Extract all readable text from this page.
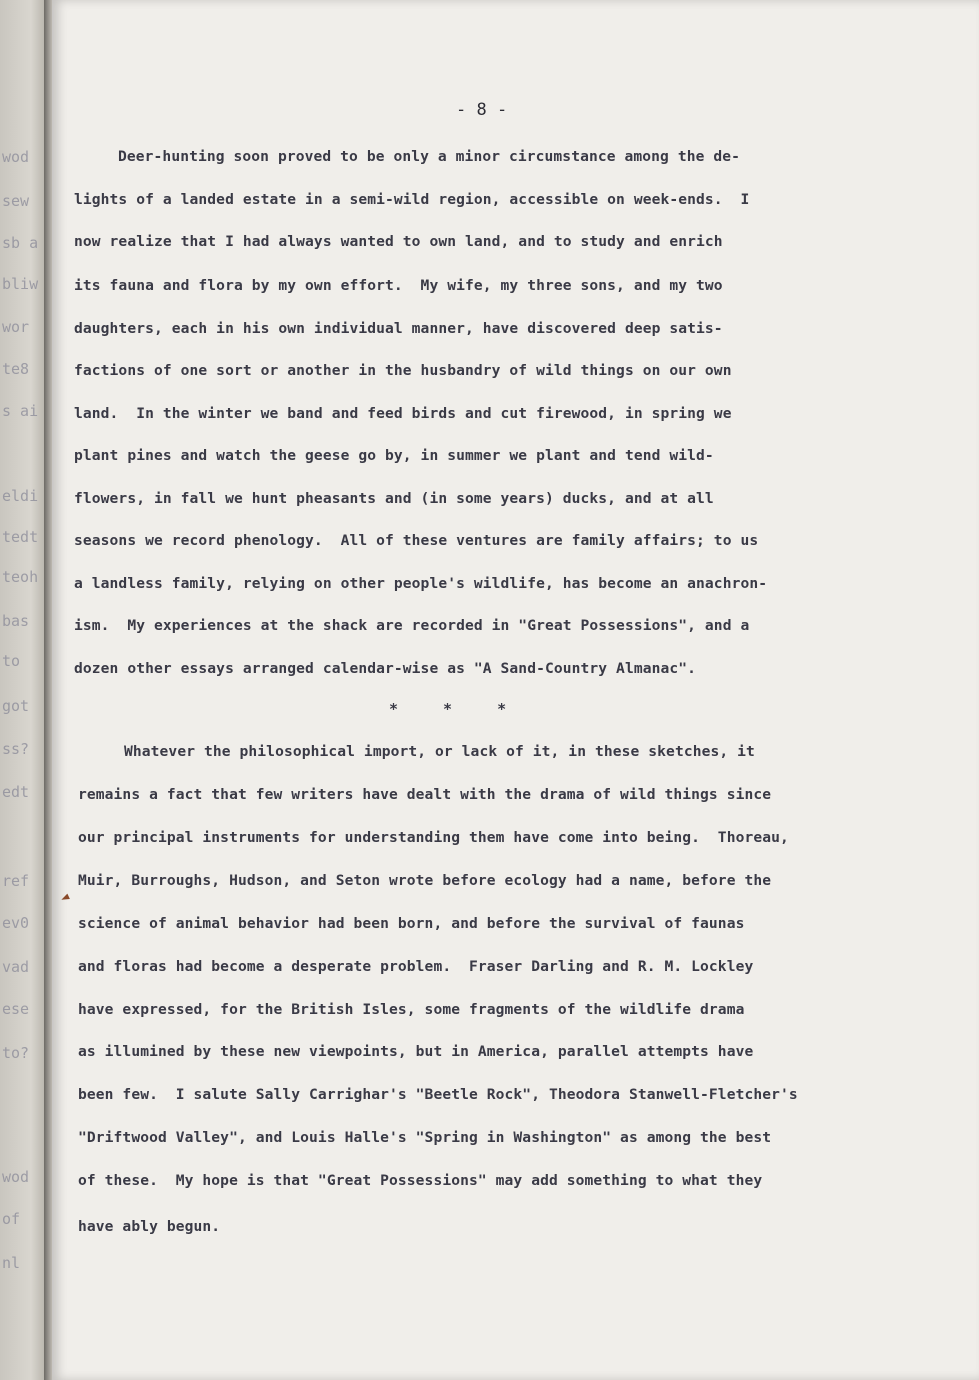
wod
sew
sb a
bliw
wor
te8
s ai
eldi
tedt
teoh
bas
to
got
ss?
edt
ref
ev0
vad
ese
to?
wod
of
nl
- 8 -
* * *
Deer-hunting soon proved to be only a minor circumstance among the de-
lights of a landed estate in a semi-wild region, accessible on week-ends.  I
now realize that I had always wanted to own land, and to study and enrich
its fauna and flora by my own effort.  My wife, my three sons, and my two
daughters, each in his own individual manner, have discovered deep satis-
factions of one sort or another in the husbandry of wild things on our own
land.  In the winter we band and feed birds and cut firewood, in spring we
plant pines and watch the geese go by, in summer we plant and tend wild-
flowers, in fall we hunt pheasants and (in some years) ducks, and at all
seasons we record phenology.  All of these ventures are family affairs; to us
a landless family, relying on other people's wildlife, has become an anachron-
ism.  My experiences at the shack are recorded in "Great Possessions", and a
dozen other essays arranged calendar-wise as "A Sand-Country Almanac".
Whatever the philosophical import, or lack of it, in these sketches, it
remains a fact that few writers have dealt with the drama of wild things since
our principal instruments for understanding them have come into being.  Thoreau,
Muir, Burroughs, Hudson, and Seton wrote before ecology had a name, before the
science of animal behavior had been born, and before the survival of faunas
and floras had become a desperate problem.  Fraser Darling and R. M. Lockley
have expressed, for the British Isles, some fragments of the wildlife drama
as illumined by these new viewpoints, but in America, parallel attempts have
been few.  I salute Sally Carrighar's "Beetle Rock", Theodora Stanwell-Fletcher's
"Driftwood Valley", and Louis Halle's "Spring in Washington" as among the best
of these.  My hope is that "Great Possessions" may add something to what they
have ably begun.
